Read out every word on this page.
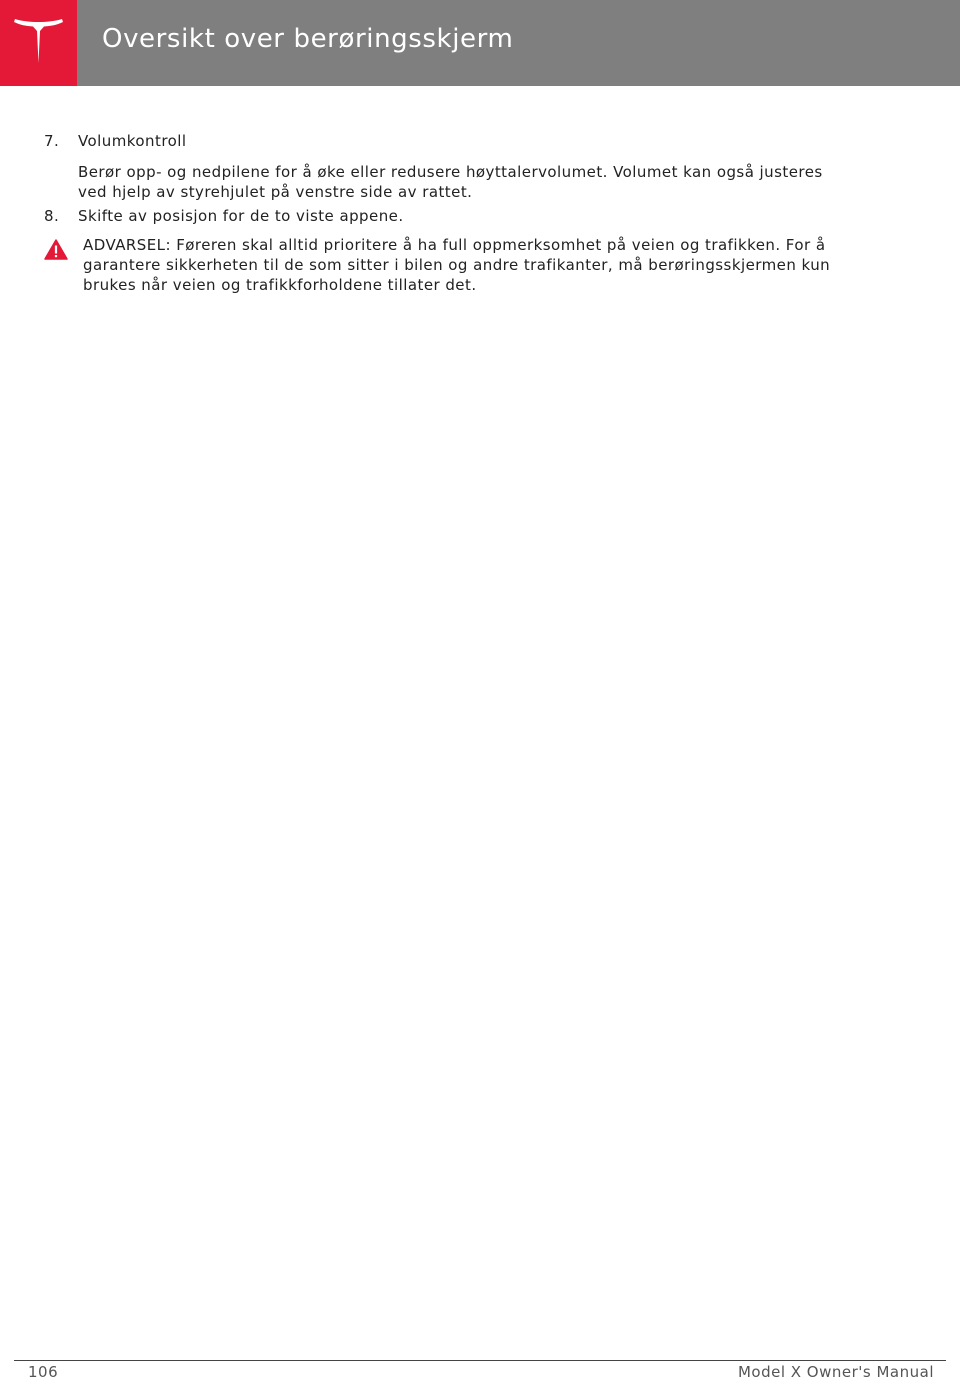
Oversikt over berøringsskjerm
7. Volumkontroll
Berør opp- og nedpilene for å øke eller redusere høyttalervolumet. Volumet kan også justeres
ved hjelp av styrehjulet på venstre side av rattet.
8. Skifte av posisjon for de to viste appene.
ADVARSEL: Føreren skal alltid prioritere å ha full oppmerksomhet på veien og trafikken. For å
garantere sikkerheten til de som sitter i bilen og andre trafikanter, må berøringsskjermen kun
brukes når veien og trafikkforholdene tillater det.
106	Model X Owner's Manual
